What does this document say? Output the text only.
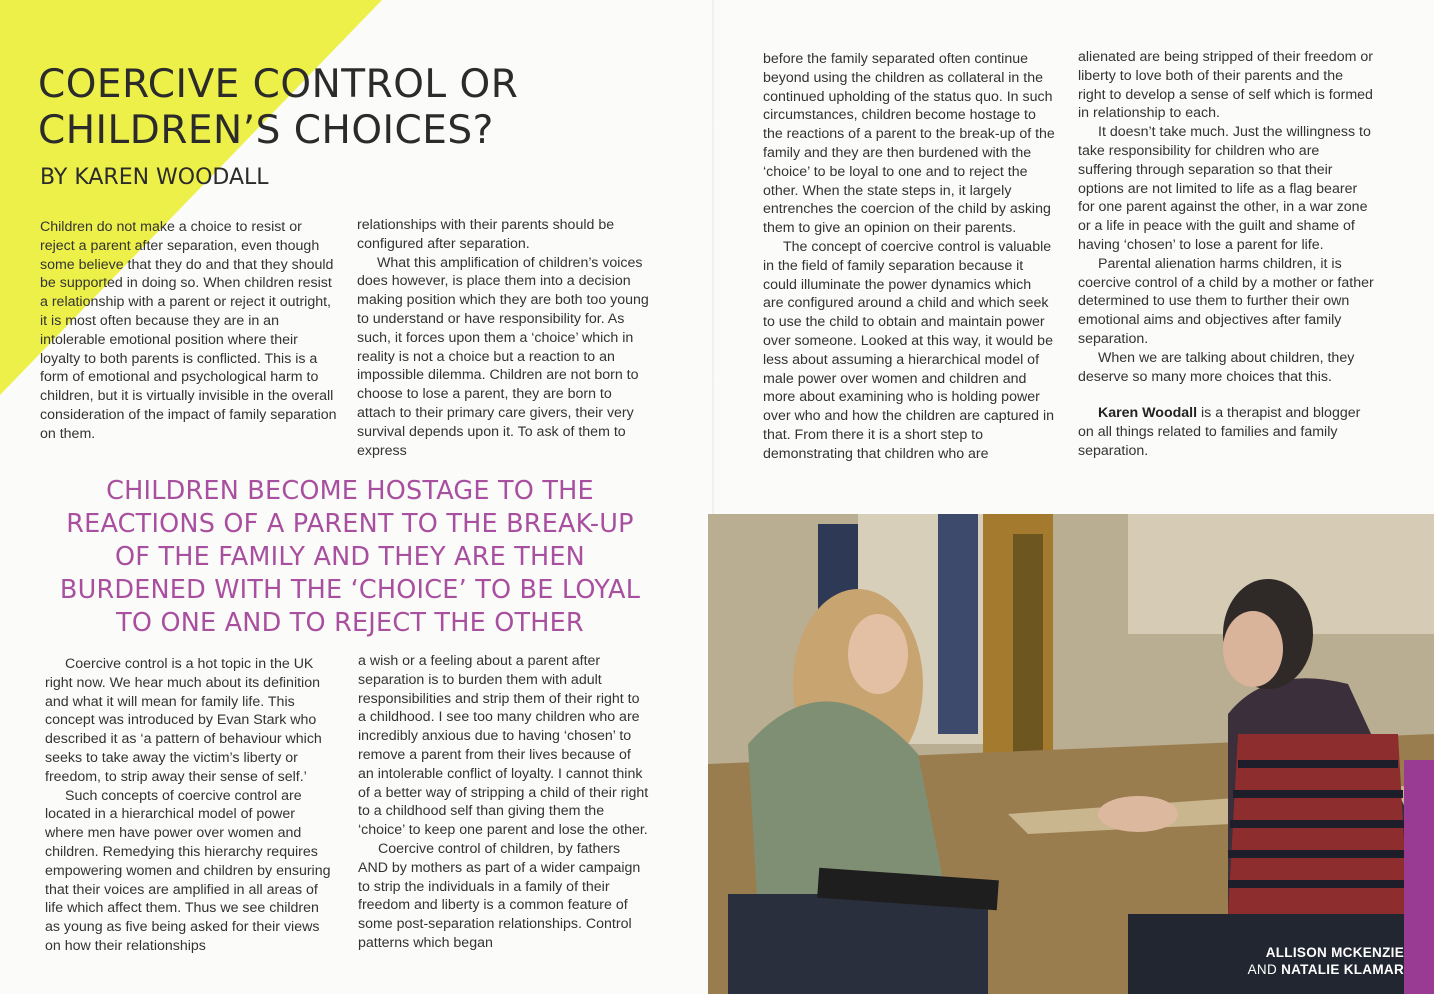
COERCIVE CONTROL OR
CHILDREN’S CHOICES?
BY KAREN WOODALL

Children do not make a choice to resist or reject a parent after separation, even though some believe that they do and that they should be supported in doing so. When children resist a relationship with a parent or reject it outright, it is most often because they are in an intolerable emotional position where their loyalty to both parents is conflicted. This is a form of emotional and psychological harm to children, but it is virtually invisible in the overall consideration of the impact of family separation on them.

relationships with their parents should be configured after separation.

What this amplification of children’s voices does however, is place them into a decision making position which they are both too young to understand or have responsibility for. As such, it forces upon them a ‘choice’ which in reality is not a choice but a reaction to an impossible dilemma. Children are not born to choose to lose a parent, they are born to attach to their primary care givers, their very survival depends upon it. To ask of them to express

CHILDREN BECOME HOSTAGE TO THE REACTIONS OF A PARENT TO THE BREAK-UP OF THE FAMILY AND THEY ARE THEN BURDENED WITH THE ‘CHOICE’ TO BE LOYAL TO ONE AND TO REJECT THE OTHER

Coercive control is a hot topic in the UK right now. We hear much about its definition and what it will mean for family life. This concept was introduced by Evan Stark who described it as ‘a pattern of behaviour which seeks to take away the victim’s liberty or freedom, to strip away their sense of self.’

Such concepts of coercive control are located in a hierarchical model of power where men have power over women and children. Remedying this hierarchy requires empowering women and children by ensuring that their voices are amplified in all areas of life which affect them. Thus we see children as young as five being asked for their views on how their relationships

a wish or a feeling about a parent after separation is to burden them with adult responsibilities and strip them of their right to a childhood. I see too many children who are incredibly anxious due to having ‘chosen’ to remove a parent from their lives because of an intolerable conflict of loyalty. I cannot think of a better way of stripping a child of their right to a childhood self than giving them the ‘choice’ to keep one parent and lose the other.

Coercive control of children, by fathers AND by mothers as part of a wider campaign to strip the individuals in a family of their freedom and liberty is a common feature of some post-separation relationships. Control patterns which began

before the family separated often continue beyond using the children as collateral in the continued upholding of the status quo. In such circumstances, children become hostage to the reactions of a parent to the break-up of the family and they are then burdened with the ‘choice’ to be loyal to one and to reject the other. When the state steps in, it largely entrenches the coercion of the child by asking them to give an opinion on their parents.

The concept of coercive control is valuable in the field of family separation because it could illuminate the power dynamics which are configured around a child and which seek to use the child to obtain and maintain power over someone. Looked at this way, it would be less about assuming a hierarchical model of male power over women and children and more about examining who is holding power over who and how the children are captured in that. From there it is a short step to demonstrating that children who are

alienated are being stripped of their freedom or liberty to love both of their parents and the right to develop a sense of self which is formed in relationship to each.

It doesn’t take much. Just the willingness to take responsibility for children who are suffering through separation so that their options are not limited to life as a flag bearer for one parent against the other, in a war zone or a life in peace with the guilt and shame of having ‘chosen’ to lose a parent for life.

Parental alienation harms children, it is coercive control of a child by a mother or father determined to use them to further their own emotional aims and objectives after family separation.

When we are talking about children, they deserve so many more choices that this.

Karen Woodall is a therapist and blogger on all things related to families and family separation.

ALLISON MCKENZIE
AND NATALIE KLAMAR
